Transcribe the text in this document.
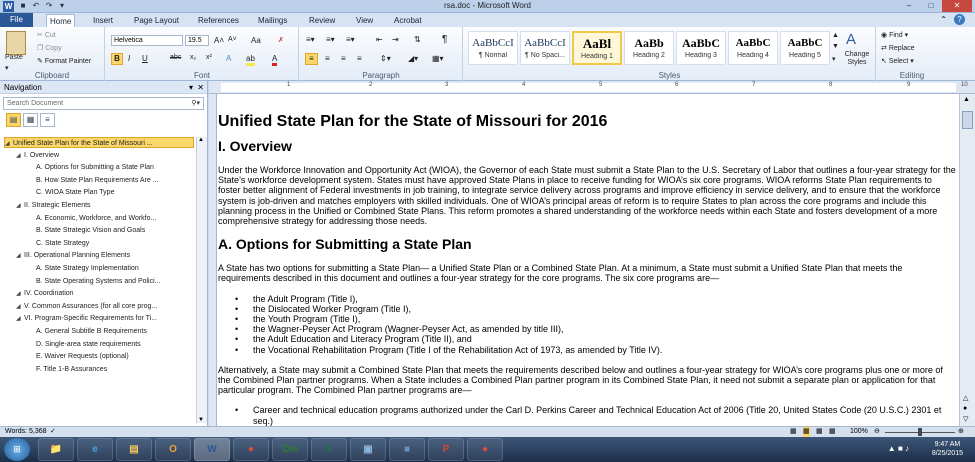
W	■ ↶ ↷ ▾	rsa.doc - Microsoft Word	–	□	✕
File	Home	Insert	Page Layout	References	Mailings	Review	View	Acrobat	⌃	?
Paste
▾
✂ Cut
❐ Copy
✎ Format Painter
Clipboard
Helvetica	19.5	A˄ A˅ Aa ✗
B	I U	abc x₂ x² A ab A
Font
≡▾ ≡▾ ≡▾	⇤ ⇥ ⇅ ¶
≡	≡ ≡ ≡ ⇕▾ ◢▾ ▦▾
Paragraph
AaBbCcI
¶ Normal
AaBbCcI
¶ No Spaci...
AaBl
Heading 1
AaBb
Heading 2
AaBbC
Heading 3
AaBbC
Heading 4
AaBbC
Heading 5
▲
▼
▾
A
Change Styles
Styles
◉ Find ▾
⇄ Replace
↖ Select ▾
Editing
Navigation	▾ ✕
Search Document	⚲▾
▤	▦	≡
◢ Unified State Plan for the State of Missouri ...
◢ I. Overview
A. Options for Submitting a State Plan
B. How State Plan Requirements Are ...
C. WIOA State Plan Type
◢ II. Strategic Elements
A. Economic, Workforce, and Workfo...
B. State Strategic Vision and Goals
C. State Strategy
◢ III. Operational Planning Elements
A. State Strategy Implementation
B. State Operating Systems and Polici...
◢ IV. Coordination
◢ V. Common Assurances (for all core prog...
◢ VI. Program-Specific Requirements for Ti...
A. General Subtitle B Requirements
D. Single-area state requirements
E. Waiver Requests (optional)
F. Title 1-B Assurances
▲
▼
1	2	3	4	5	6	7	8	9	10
Unified State Plan for the State of Missouri for 2016
I. Overview
Under the Workforce Innovation and Opportunity Act (WIOA), the Governor of each State must submit a State Plan to the U.S. Secretary of Labor that outlines a four-year strategy for the State’s workforce development system. States must have approved State Plans in place to receive funding for WIOA’s six core programs. WIOA reforms State Plan requirements to foster better alignment of Federal investments in job training, to integrate service delivery across programs and improve efficiency in service delivery, and to ensure that the workforce system is job-driven and matches employers with skilled individuals. One of WIOA’s principal areas of reform is to require States to plan across the core programs and include this planning process in the Unified or Combined State Plans. This reform promotes a shared understanding of the workforce needs within each State and fosters development of a more comprehensive strategy for addressing those needs.
A. Options for Submitting a State Plan
A State has two options for submitting a State Plan— a Unified State Plan or a Combined State Plan. At a minimum, a State must submit a Unified State Plan that meets the requirements described in this document and outlines a four-year strategy for the core programs. The six core programs are—
• the Adult Program (Title I),
• the Dislocated Worker Program (Title I),
• the Youth Program (Title I),
• the Wagner-Peyser Act Program (Wagner-Peyser Act, as amended by title III),
• the Adult Education and Literacy Program (Title II), and
• the Vocational Rehabilitation Program (Title I of the Rehabilitation Act of 1973, as amended by Title IV).
Alternatively, a State may submit a Combined State Plan that meets the requirements described below and outlines a four-year strategy for WIOA’s core programs plus one or more of the Combined Plan partner programs. When a State includes a Combined Plan partner program in its Combined State Plan, it need not submit a separate plan or application for that particular program. The Combined Plan partner programs are—
• Career and technical education programs authorized under the Carl D. Perkins Career and Technical Education Act of 2006 (Title 20, United States Code (20 U.S.C.) 2301 et seq.)
▲
△
●
▽
Words: 5,368 ✓	▦ ▦ ▦ ▦ 100% ⊖	⊕
⊞	📁	e	▤	O	W	●	Dw	X	▣	■	P	●	▲ ■ ♪	9:47 AM
8/25/2015
